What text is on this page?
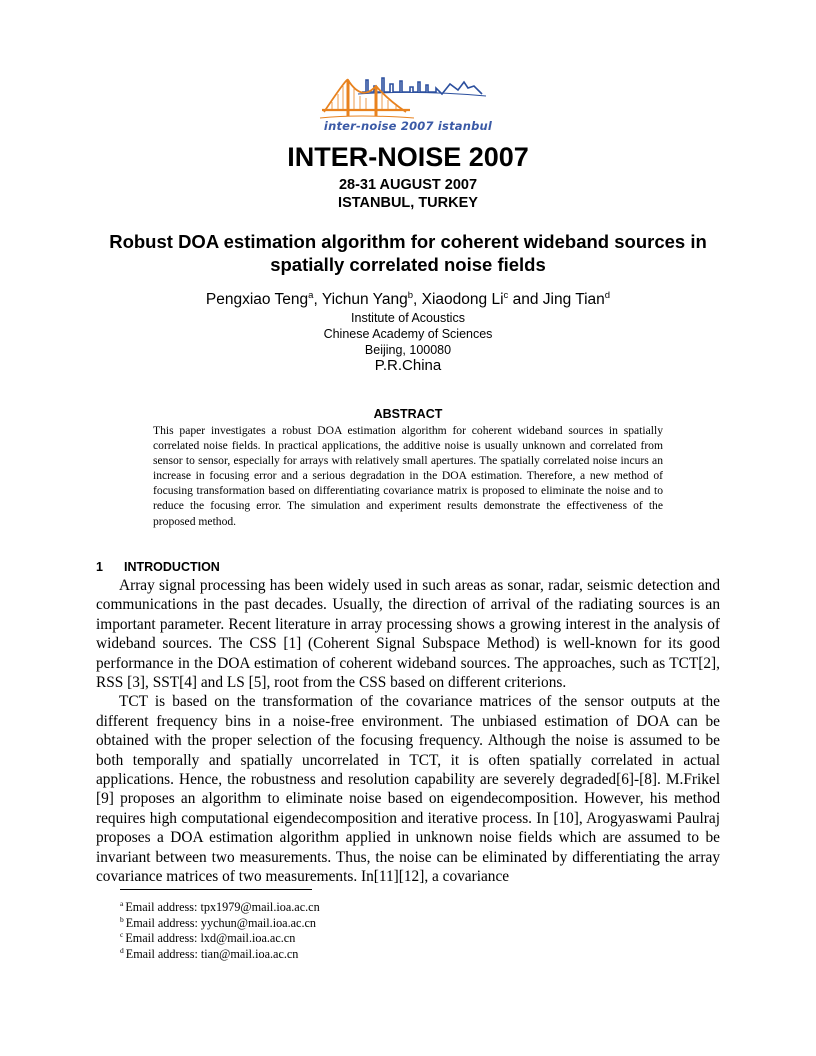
inter-noise 2007 istanbul
INTER-NOISE 2007
28-31 AUGUST 2007
ISTANBUL, TURKEY
Robust DOA estimation algorithm for coherent wideband sources in spatially correlated noise fields
Pengxiao Teng$^a$, Yichun Yang$^b$, Xiaodong Li$^c$ and Jing Tian$^d$
Institute of Acoustics
Chinese Academy of Sciences
Beijing, 100080
P.R.China
ABSTRACT

This paper investigates a robust DOA estimation algorithm for coherent wideband sources in spatially correlated noise fields. In practical applications, the additive noise is usually unknown and correlated from sensor to sensor, especially for arrays with relatively small apertures. The spatially correlated noise incurs an increase in focusing error and a serious degradation in the DOA estimation. Therefore, a new method of focusing transformation based on differentiating covariance matrix is proposed to eliminate the noise and to reduce the focusing error. The simulation and experiment results demonstrate the effectiveness of the proposed method.

1 INTRODUCTION

Array signal processing has been widely used in such areas as sonar, radar, seismic detection and communications in the past decades. Usually, the direction of arrival of the radiating sources is an important parameter. Recent literature in array processing shows a growing interest in the analysis of wideband sources. The CSS [1] (Coherent Signal Subspace Method) is well-known for its good performance in the DOA estimation of coherent wideband sources. The approaches, such as TCT[2], RSS [3], SST[4] and LS [5], root from the CSS based on different criterions.

TCT is based on the transformation of the covariance matrices of the sensor outputs at the different frequency bins in a noise-free environment. The unbiased estimation of DOA can be obtained with the proper selection of the focusing frequency. Although the noise is assumed to be both temporally and spatially uncorrelated in TCT, it is often spatially correlated in actual applications. Hence, the robustness and resolution capability are severely degraded[6]-[8]. M.Frikel [9] proposes an algorithm to eliminate noise based on eigendecomposition. However, his method requires high computational eigendecomposition and iterative process. In [10], Arogyaswami Paulraj proposes a DOA estimation algorithm applied in unknown noise fields which are assumed to be invariant between two measurements. Thus, the noise can be eliminated by differentiating the array covariance matrices of two measurements. In[11][12], a covariance

$^a$ Email address: tpx1979@mail.ioa.ac.cn
$^b$ Email address: yychun@mail.ioa.ac.cn
$^c$ Email address: lxd@mail.ioa.ac.cn
$^d$ Email address: tian@mail.ioa.ac.cn
